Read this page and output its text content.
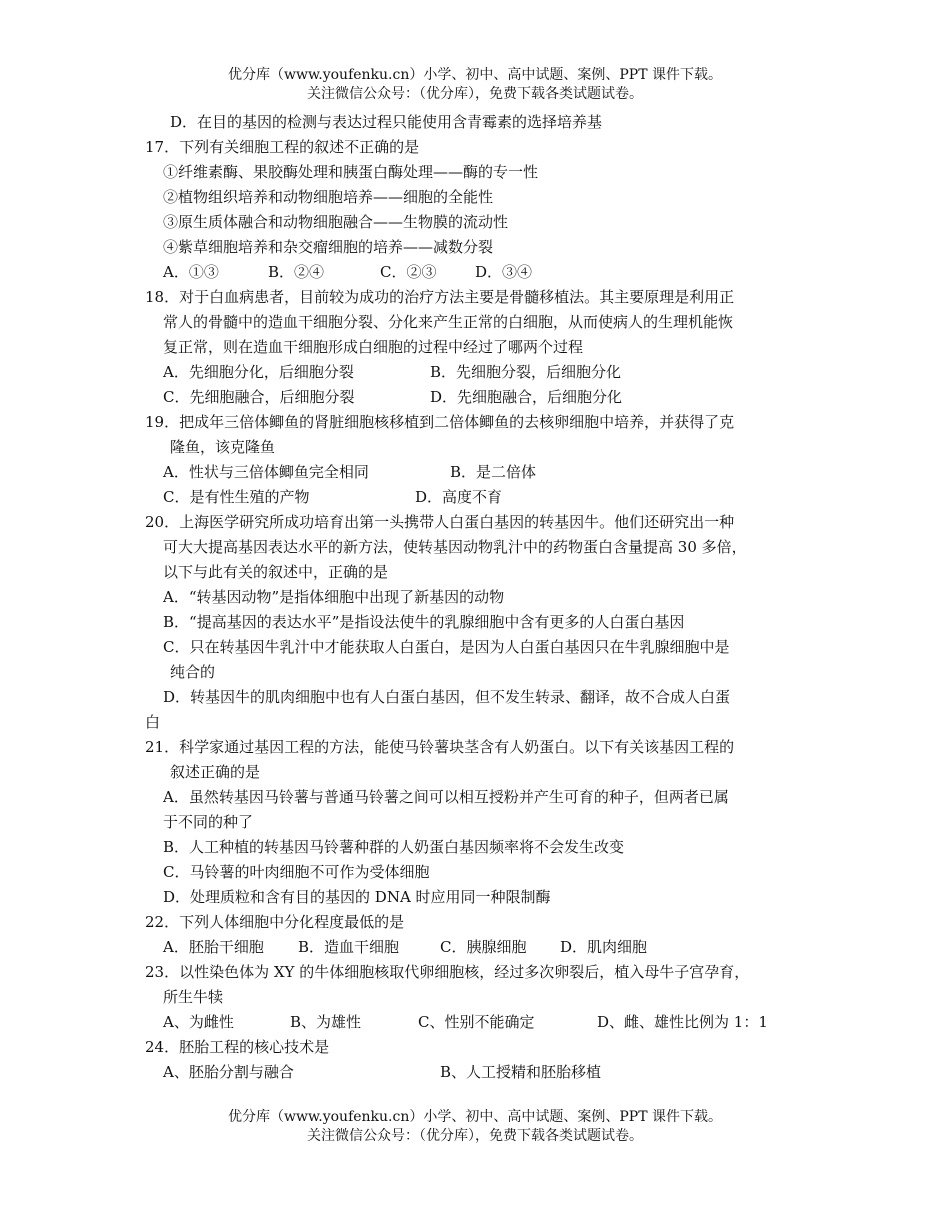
优分库（www.youfenku.cn）小学、初中、高中试题、案例、PPT 课件下载。
关注微信公众号：（优分库），免费下载各类试题试卷。
D．在目的基因的检测与表达过程只能使用含青霉素的选择培养基
17．下列有关细胞工程的叙述不正确的是
①纤维素酶、果胶酶处理和胰蛋白酶处理——酶的专一性
②植物组织培养和动物细胞培养——细胞的全能性
③原生质体融合和动物细胞融合——生物膜的流动性
④紫草细胞培养和杂交瘤细胞的培养——减数分裂
A．①③	B．②④	C．②③	D．③④
18．对于白血病患者，目前较为成功的治疗方法主要是骨髓移植法。其主要原理是利用正
常人的骨髓中的造血干细胞分裂、分化来产生正常的白细胞，从而使病人的生理机能恢
复正常，则在造血干细胞形成白细胞的过程中经过了哪两个过程
A．先细胞分化，后细胞分裂	B．先细胞分裂，后细胞分化
C．先细胞融合，后细胞分裂	D．先细胞融合，后细胞分化
19．把成年三倍体鲫鱼的肾脏细胞核移植到二倍体鲫鱼的去核卵细胞中培养，并获得了克
隆鱼，该克隆鱼
A．性状与三倍体鲫鱼完全相同	B．是二倍体
C．是有性生殖的产物	D．高度不育
20．上海医学研究所成功培育出第一头携带人白蛋白基因的转基因牛。他们还研究出一种
可大大提高基因表达水平的新方法，使转基因动物乳汁中的药物蛋白含量提高 30 多倍，
以下与此有关的叙述中，正确的是
A．“转基因动物”是指体细胞中出现了新基因的动物
B．“提高基因的表达水平”是指设法使牛的乳腺细胞中含有更多的人白蛋白基因
C．只在转基因牛乳汁中才能获取人白蛋白，是因为人白蛋白基因只在牛乳腺细胞中是
纯合的
D．转基因牛的肌肉细胞中也有人白蛋白基因，但不发生转录、翻译，故不合成人白蛋
白
21．科学家通过基因工程的方法，能使马铃薯块茎含有人奶蛋白。以下有关该基因工程的
叙述正确的是
A．虽然转基因马铃薯与普通马铃薯之间可以相互授粉并产生可育的种子，但两者已属
于不同的种了
B．人工种植的转基因马铃薯种群的人奶蛋白基因频率将不会发生改变
C．马铃薯的叶肉细胞不可作为受体细胞
D．处理质粒和含有目的基因的 DNA 时应用同一种限制酶
22．下列人体细胞中分化程度最低的是
A．胚胎干细胞 B．造血干细胞	C．胰腺细胞 D．肌肉细胞
23．以性染色体为 XY 的牛体细胞核取代卵细胞核，经过多次卵裂后，植入母牛子宫孕育，
所生牛犊
A、为雌性	B、为雄性	C、性别不能确定	D、雌、雄性比例为 1：1
24．胚胎工程的核心技术是
A、胚胎分割与融合	B、人工授精和胚胎移植
优分库（www.youfenku.cn）小学、初中、高中试题、案例、PPT 课件下载。
关注微信公众号：（优分库），免费下载各类试题试卷。
